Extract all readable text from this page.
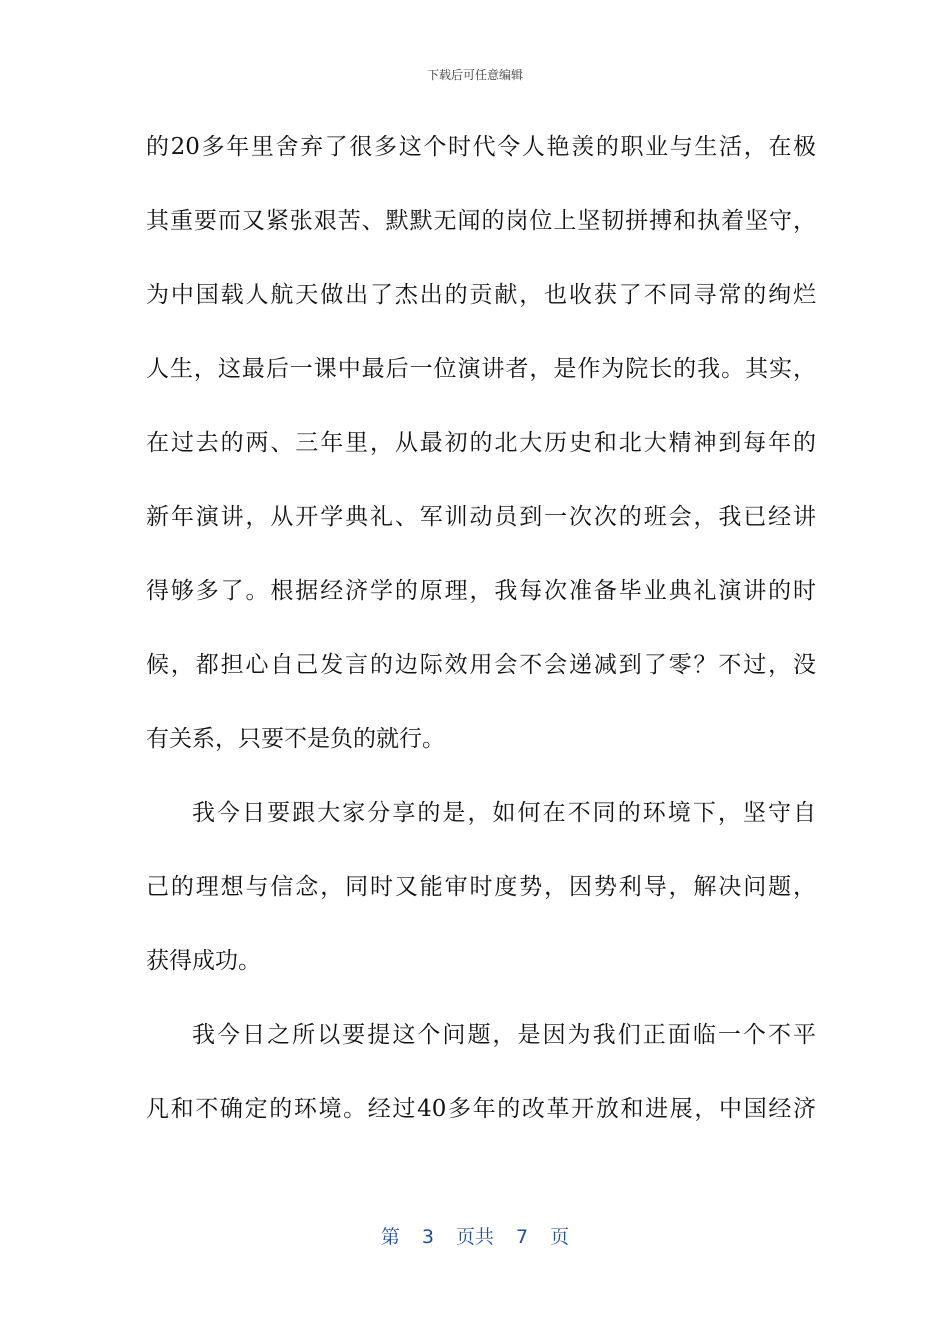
下载后可任意编辑
的20多年里舍弃了很多这个时代令人艳羡的职业与生活，在极
其重要而又紧张艰苦、默默无闻的岗位上坚韧拼搏和执着坚守，
为中国载人航天做出了杰出的贡献，也收获了不同寻常的绚烂
人生，这最后一课中最后一位演讲者，是作为院长的我。其实，
在过去的两、三年里，从最初的北大历史和北大精神到每年的
新年演讲，从开学典礼、军训动员到一次次的班会，我已经讲
得够多了。根据经济学的原理，我每次准备毕业典礼演讲的时
候，都担心自己发言的边际效用会不会递减到了零？不过，没
有关系，只要不是负的就行。
我今日要跟大家分享的是，如何在不同的环境下，坚守自
己的理想与信念，同时又能审时度势，因势利导，解决问题，
获得成功。
我今日之所以要提这个问题，是因为我们正面临一个不平
凡和不确定的环境。经过40多年的改革开放和进展，中国经济
第 3 页共 7 页
